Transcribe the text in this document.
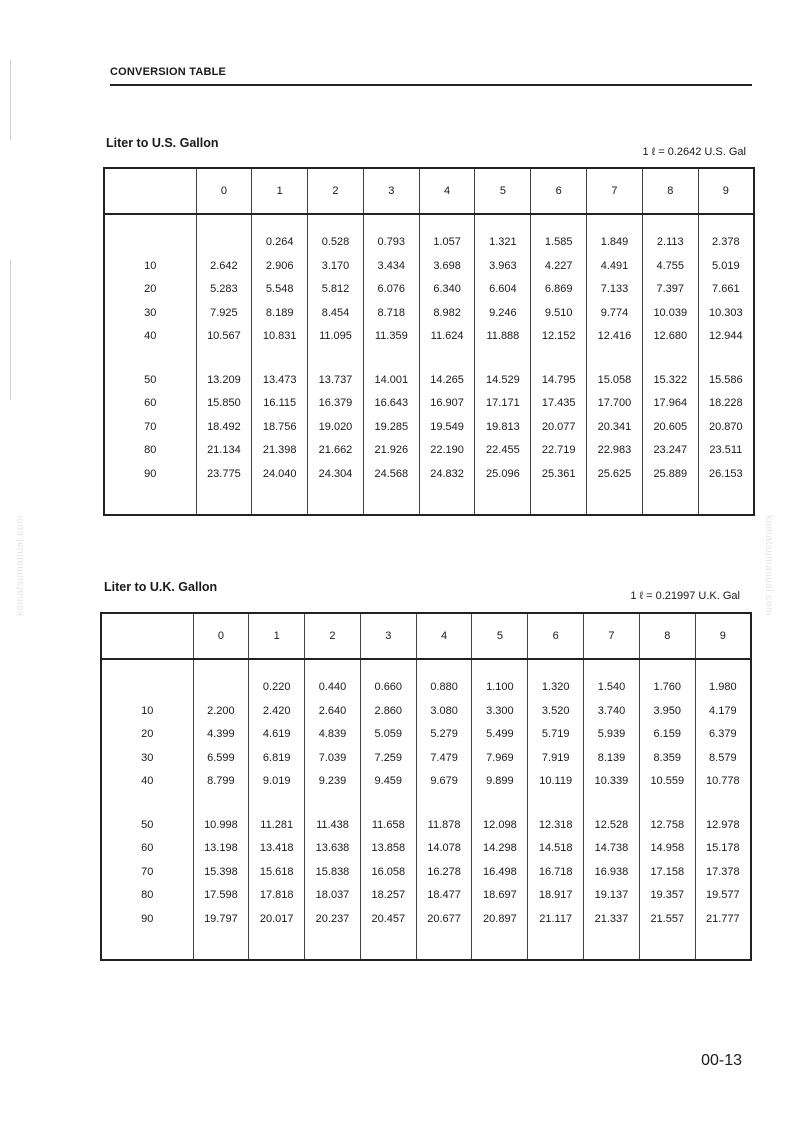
CONVERSION TABLE
Liter to U.S. Gallon
1 ℓ = 0.2642 U.S. Gal
	0	1	2	3	4	5	6	7	8	9
		0.264	0.528	0.793	1.057	1.321	1.585	1.849	2.113	2.378
10	2.642	2.906	3.170	3.434	3.698	3.963	4.227	4.491	4.755	5.019
20	5.283	5.548	5.812	6.076	6.340	6.604	6.869	7.133	7.397	7.661
30	7.925	8.189	8.454	8.718	8.982	9.246	9.510	9.774	10.039	10.303
40	10.567	10.831	11.095	11.359	11.624	11.888	12.152	12.416	12.680	12.944
50	13.209	13.473	13.737	14.001	14.265	14.529	14.795	15.058	15.322	15.586
60	15.850	16.115	16.379	16.643	16.907	17.171	17.435	17.700	17.964	18.228
70	18.492	18.756	19.020	19.285	19.549	19.813	20.077	20.341	20.605	20.870
80	21.134	21.398	21.662	21.926	22.190	22.455	22.719	22.983	23.247	23.511
90	23.775	24.040	24.304	24.568	24.832	25.096	25.361	25.625	25.889	26.153
Liter to U.K. Gallon
1 ℓ = 0.21997 U.K. Gal
	0	1	2	3	4	5	6	7	8	9
		0.220	0.440	0.660	0.880	1.100	1.320	1.540	1.760	1.980
10	2.200	2.420	2.640	2.860	3.080	3.300	3.520	3.740	3.950	4.179
20	4.399	4.619	4.839	5.059	5.279	5.499	5.719	5.939	6.159	6.379
30	6.599	6.819	7.039	7.259	7.479	7.969	7.919	8.139	8.359	8.579
40	8.799	9.019	9.239	9.459	9.679	9.899	10.119	10.339	10.559	10.778
50	10.998	11.281	11.438	11.658	11.878	12.098	12.318	12.528	12.758	12.978
60	13.198	13.418	13.638	13.858	14.078	14.298	14.518	14.738	14.958	15.178
70	15.398	15.618	15.838	16.058	16.278	16.498	16.718	16.938	17.158	17.378
80	17.598	17.818	18.037	18.257	18.477	18.697	18.917	19.137	19.357	19.577
90	19.797	20.017	20.237	20.457	20.677	20.897	21.117	21.337	21.557	21.777
komatsumanual.com	komatsumanual.com
00-13
